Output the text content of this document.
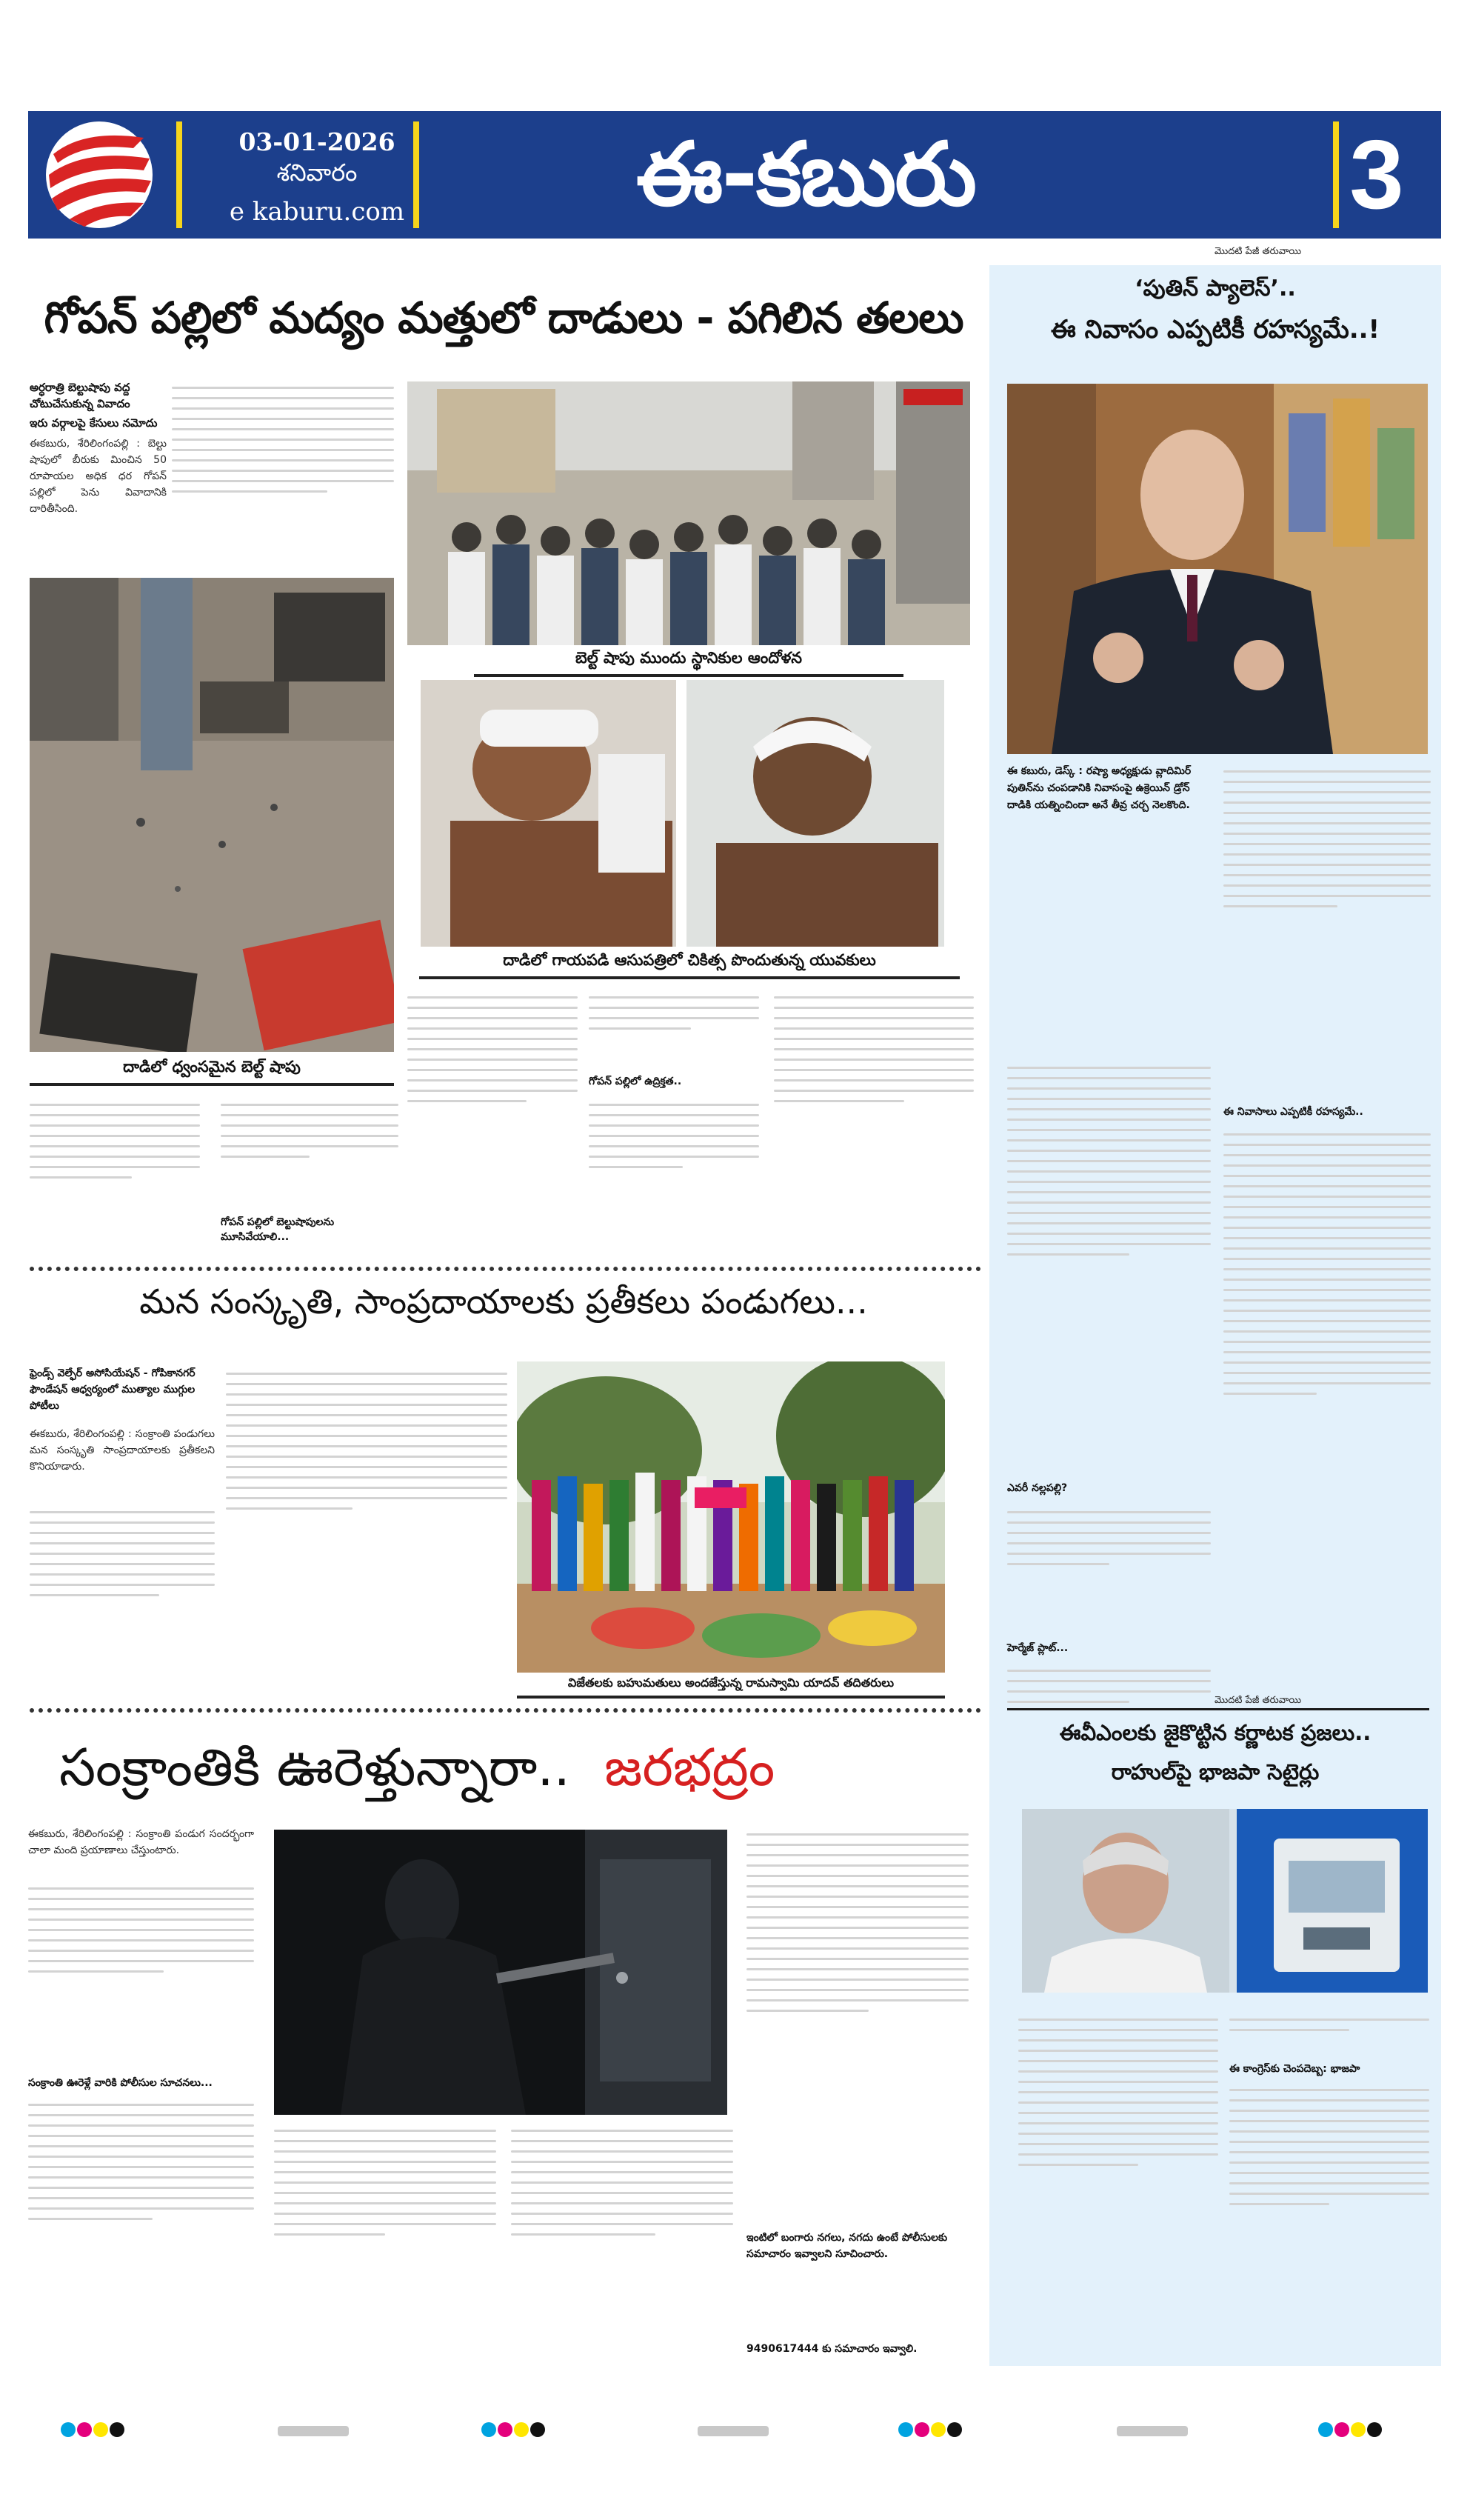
03-01-2026
శనివారం
e kaburu.com	ఈ-కబురు	3
గోపన్ పల్లిలో మద్యం మత్తులో దాడులు - పగిలిన తలలు
అర్ధరాత్రి బెల్టుషాపు వద్ద చోటుచేసుకున్న వివాదం
ఇరు వర్గాలపై కేసులు నమోదు
ఈకబురు, శేరిలింగంపల్లి : బెల్టు షాపులో బీరుకు మించిన 50 రూపాయల అధిక ధర గోపన్ పల్లిలో పెను వివాదానికి దారితీసింది.
దాడిలో ధ్వంసమైన బెల్ట్ షాపు
బెల్ట్ షాపు ముందు స్థానికుల ఆందోళన
దాడిలో గాయపడి ఆసుపత్రిలో చికిత్స పొందుతున్న యువకులు
గోపన్ పల్లిలో బెల్టుషాపులను మూసివేయాలి...
గోపన్ పల్లిలో ఉద్రిక్తత..
మన సంస్కృతి, సాంప్రదాయాలకు ప్రతీకలు పండుగలు...
ఫ్రెండ్స్ వెల్ఫేర్ అసోసియేషన్ - గోపికానగర్ ఫౌండేషన్ ఆధ్వర్యంలో ముత్యాల ముగ్గుల పోటీలు
ఈకబురు, శేరిలింగంపల్లి : సంక్రాంతి పండుగలు మన సంస్కృతి సాంప్రదాయాలకు ప్రతీకలని కొనియాడారు.
విజేతలకు బహుమతులు అందజేస్తున్న రామస్వామి యాదవ్ తదితరులు
సంక్రాంతికి ఊరెళ్తున్నారా.. జరభద్రం
ఈకబురు, శేరిలింగంపల్లి : సంక్రాంతి పండుగ సందర్భంగా చాలా మంది ప్రయాణాలు చేస్తుంటారు.
సంక్రాంతి ఊరెళ్లే వారికి పోలీసుల సూచనలు...
ఇంటిలో బంగారు నగలు, నగదు ఉంటే పోలీసులకు సమాచారం ఇవ్వాలని సూచించారు.
9490617444 కు సమాచారం ఇవ్వాలి.
మొదటి పేజీ తరువాయి
‘పుతిన్ ప్యాలెస్’..
ఈ నివాసం ఎప్పటికీ రహస్యమే..!
ఈ కబురు, డెస్క్ : రష్యా అధ్యక్షుడు వ్లాదిమిర్ పుతిన్‌ను చంపడానికి నివాసంపై ఉక్రెయిన్ డ్రోన్ దాడికి యత్నించిందా అనే తీవ్ర చర్చ నెలకొంది.
ఎవరీ నల్లపల్లి?
హెర్మేజ్ ప్లాట్...
ఈ నివాసాలు ఎప్పటికీ రహస్యమే..
మొదటి పేజీ తరువాయి
ఈవీఎంలకు జైకొట్టిన కర్ణాటక ప్రజలు..
రాహుల్‌పై భాజపా సెటైర్లు
ఈ కాంగ్రెస్‌కు చెంపదెబ్బ: భాజపా
